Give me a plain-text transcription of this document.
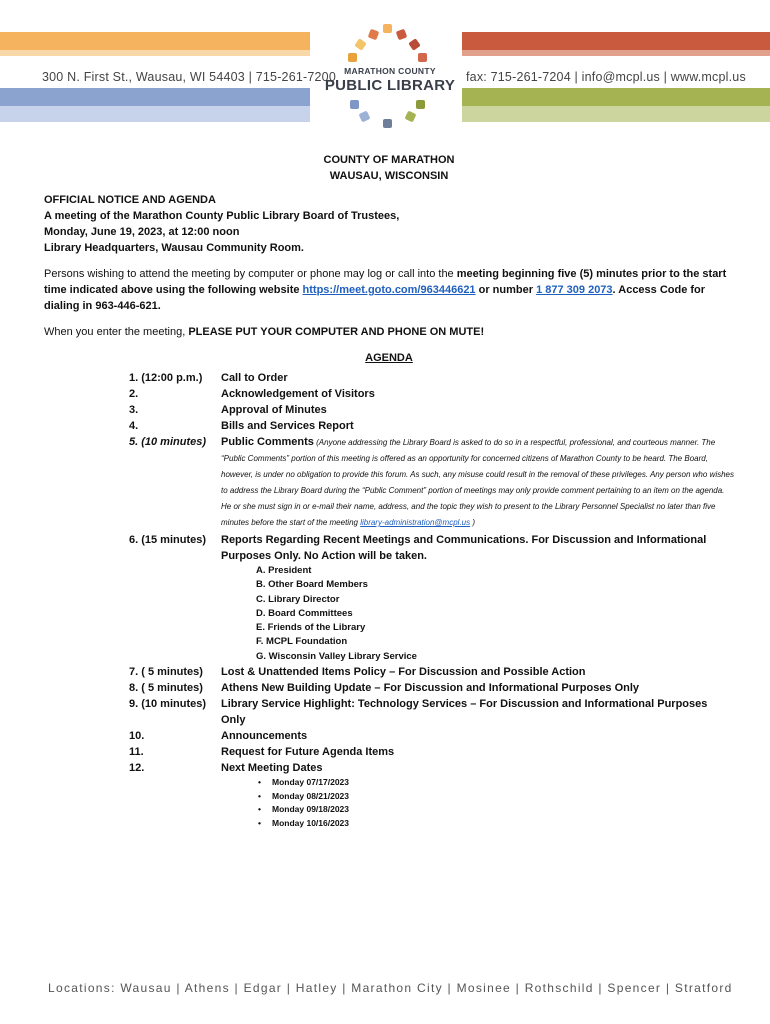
300 N. First St., Wausau, WI 54403 | 715-261-7200	fax: 715-261-7204 | info@mcpl.us | www.mcpl.us
MARATHON COUNTY
PUBLIC LIBRARY
COUNTY OF MARATHON
WAUSAU, WISCONSIN
OFFICIAL NOTICE AND AGENDA
A meeting of the Marathon County Public Library Board of Trustees,
Monday, June 19, 2023, at 12:00 noon
Library Headquarters, Wausau Community Room.
Persons wishing to attend the meeting by computer or phone may log or call into the meeting beginning five (5) minutes prior to the start time indicated above using the following website https://meet.goto.com/963446621 or number 1 877 309 2073. Access Code for dialing in 963-446-621.
When you enter the meeting, PLEASE PUT YOUR COMPUTER AND PHONE ON MUTE!
AGENDA
1. (12:00 p.m.)	Call to Order
2.	Acknowledgement of Visitors
3.	Approval of Minutes
4.	Bills and Services Report
5. (10 minutes)	Public Comments (Anyone addressing the Library Board is asked to do so in a respectful, professional, and courteous manner. The “Public Comments” portion of this meeting is offered as an opportunity for concerned citizens of Marathon County to be heard. The Board, however, is under no obligation to provide this forum. As such, any misuse could result in the removal of these privileges. Any person who wishes to address the Library Board during the “Public Comment” portion of meetings may only provide comment pertaining to an item on the agenda. He or she must sign in or e-mail their name, address, and the topic they wish to present to the Library Personnel Specialist no later than five minutes before the start of the meeting library-administration@mcpl.us )
6. (15 minutes)	Reports Regarding Recent Meetings and Communications. For Discussion and Informational Purposes Only. No Action will be taken.
A. President
B. Other Board Members
C. Library Director
D. Board Committees
E. Friends of the Library
F. MCPL Foundation
G. Wisconsin Valley Library Service
7. ( 5 minutes)	Lost & Unattended Items Policy – For Discussion and Possible Action
8. ( 5 minutes)	Athens New Building Update – For Discussion and Informational Purposes Only
9. (10 minutes)	Library Service Highlight: Technology Services – For Discussion and Informational Purposes Only
10.	Announcements
11.	Request for Future Agenda Items
12.	Next Meeting Dates
• Monday 07/17/2023
• Monday 08/21/2023
• Monday 09/18/2023
• Monday 10/16/2023
Locations: Wausau | Athens | Edgar | Hatley | Marathon City | Mosinee | Rothschild | Spencer | Stratford
